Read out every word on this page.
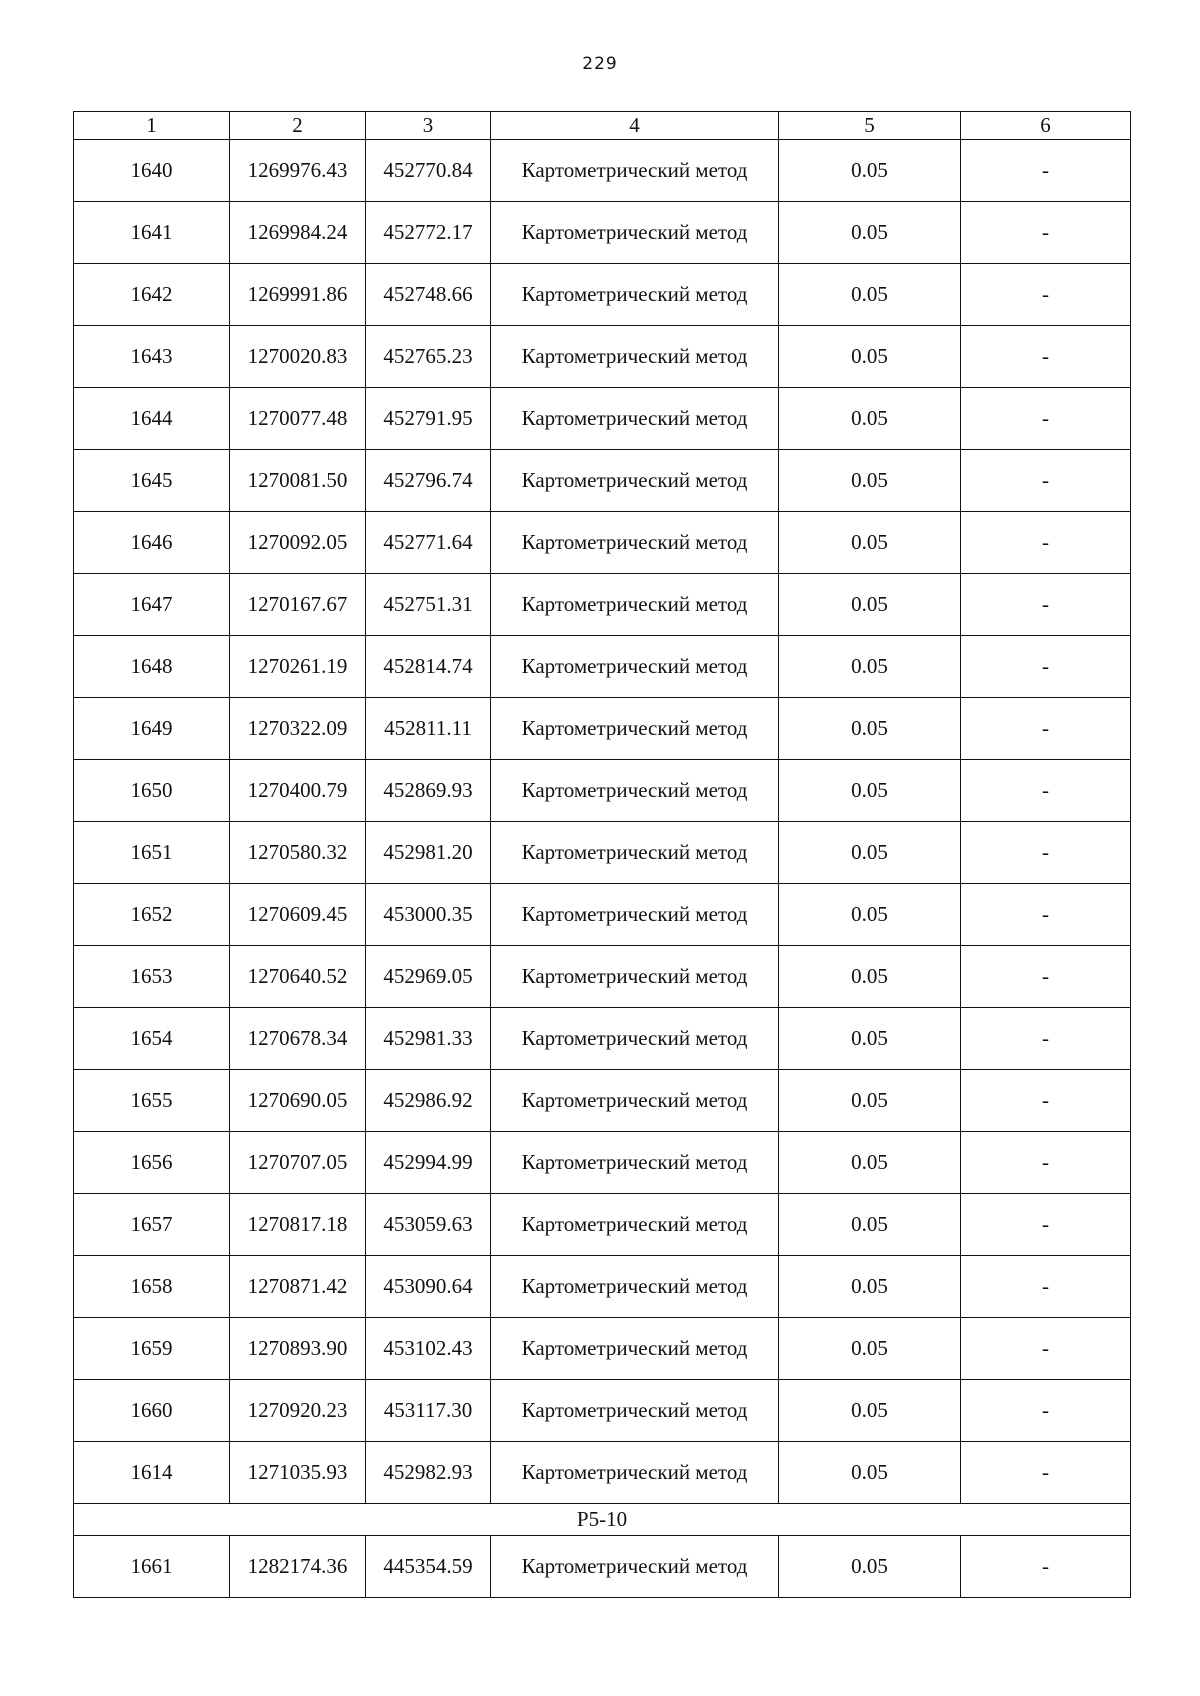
229
1	2	3	4	5	6
1640	1269976.43	452770.84	Картометрический метод	0.05	-
1641	1269984.24	452772.17	Картометрический метод	0.05	-
1642	1269991.86	452748.66	Картометрический метод	0.05	-
1643	1270020.83	452765.23	Картометрический метод	0.05	-
1644	1270077.48	452791.95	Картометрический метод	0.05	-
1645	1270081.50	452796.74	Картометрический метод	0.05	-
1646	1270092.05	452771.64	Картометрический метод	0.05	-
1647	1270167.67	452751.31	Картометрический метод	0.05	-
1648	1270261.19	452814.74	Картометрический метод	0.05	-
1649	1270322.09	452811.11	Картометрический метод	0.05	-
1650	1270400.79	452869.93	Картометрический метод	0.05	-
1651	1270580.32	452981.20	Картометрический метод	0.05	-
1652	1270609.45	453000.35	Картометрический метод	0.05	-
1653	1270640.52	452969.05	Картометрический метод	0.05	-
1654	1270678.34	452981.33	Картометрический метод	0.05	-
1655	1270690.05	452986.92	Картометрический метод	0.05	-
1656	1270707.05	452994.99	Картометрический метод	0.05	-
1657	1270817.18	453059.63	Картометрический метод	0.05	-
1658	1270871.42	453090.64	Картометрический метод	0.05	-
1659	1270893.90	453102.43	Картометрический метод	0.05	-
1660	1270920.23	453117.30	Картометрический метод	0.05	-
1614	1271035.93	452982.93	Картометрический метод	0.05	-
Р5-10					
1661	1282174.36	445354.59	Картометрический метод	0.05	-
